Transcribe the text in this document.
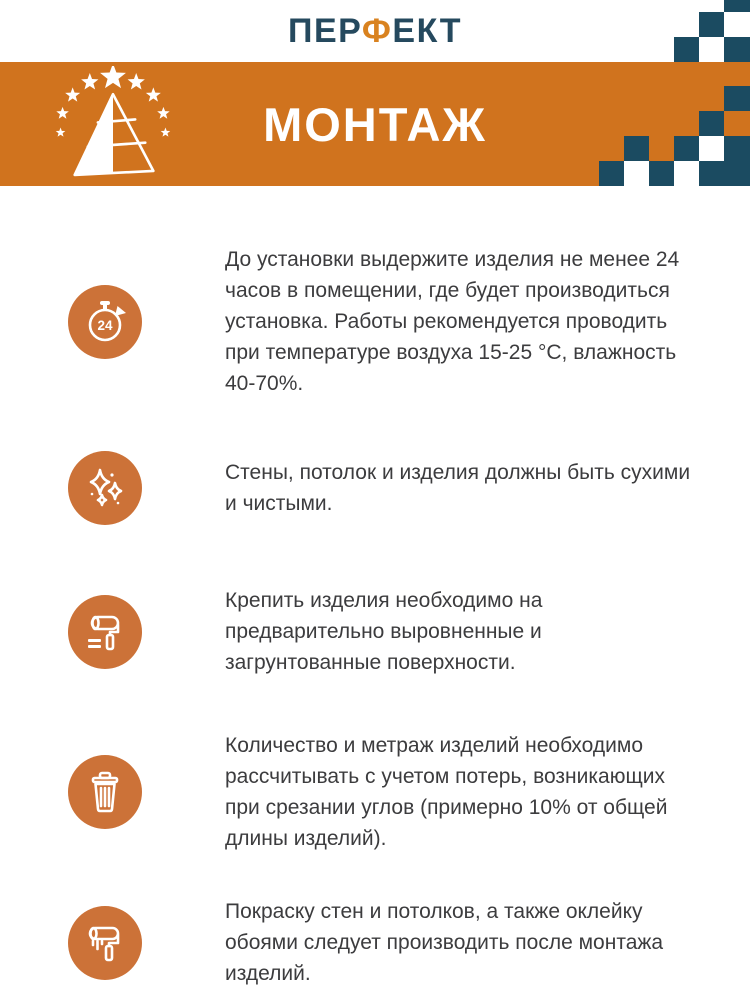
ПЕРФЕКТ
МОНТАЖ
24
До установки выдержите изделия не менее 24 часов в помещении, где будет производиться установка. Работы рекомендуется проводить при температуре воздуха 15-25 °С, влажность 40-70%.
Стены, потолок и изделия должны быть сухими и чистыми.
Крепить изделия необходимо на предварительно выровненные и загрунтованные поверхности.
Количество и метраж изделий необходимо рассчитывать с учетом потерь, возникающих при срезании углов (примерно 10% от общей длины изделий).
Покраску стен и потолков, а также оклейку обоями следует производить после монтажа изделий.
